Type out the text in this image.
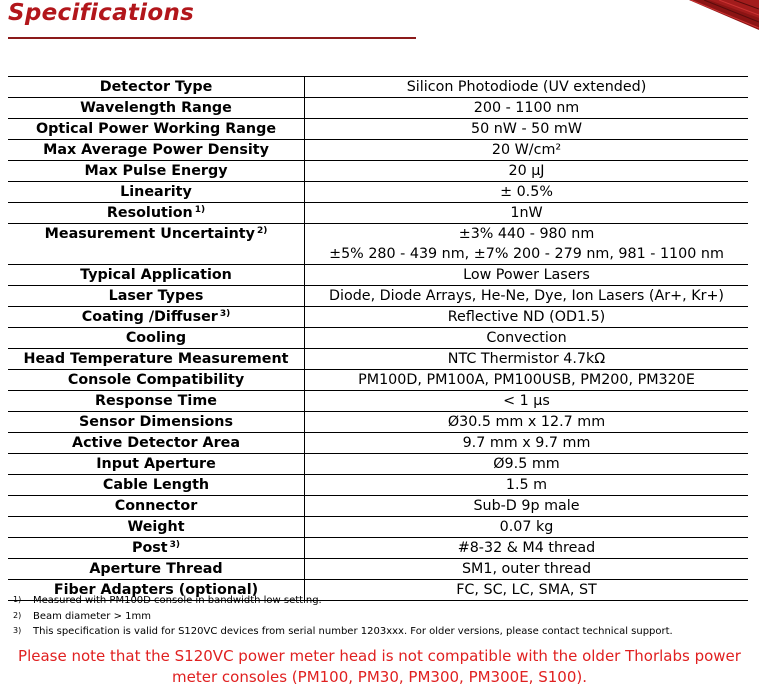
Specifications
Detector Type	Silicon Photodiode (UV extended)

Wavelength Range	200 - 1100 nm

Optical Power Working Range	50 nW - 50 mW

Max Average Power Density	20 W/cm²

Max Pulse Energy	20 μJ

Linearity	± 0.5%

Resolution $^{1)}$	1nW

Measurement Uncertainty $^{2)}$	±3% 440 - 980 nm
±5% 280 - 439 nm, ±7% 200 - 279 nm, 981 - 1100 nm

Typical Application	Low Power Lasers

Laser Types	Diode, Diode Arrays, He-Ne, Dye, Ion Lasers (Ar+, Kr+)

Coating /Diffuser $^{3)}$	Reflective ND (OD1.5)

Cooling	Convection

Head Temperature Measurement	NTC Thermistor 4.7kΩ

Console Compatibility	PM100D, PM100A, PM100USB, PM200, PM320E

Response Time	< 1 μs

Sensor Dimensions	Ø30.5 mm x 12.7 mm

Active Detector Area	9.7 mm x 9.7 mm

Input Aperture	Ø9.5 mm

Cable Length	1.5 m

Connector	Sub-D 9p male

Weight	0.07 kg

Post $^{3)}$	#8-32 & M4 thread

Aperture Thread	SM1, outer thread

Fiber Adapters (optional)	FC, SC, LC, SMA, ST
1) Measured with PM100D console in bandwidth low setting.
2) Beam diameter > 1mm
3) This specification is valid for S120VC devices from serial number 1203xxx. For older versions, please contact technical support.
Please note that the S120VC power meter head is not compatible with the older Thorlabs power
meter consoles (PM100, PM30, PM300, PM300E, S100).
